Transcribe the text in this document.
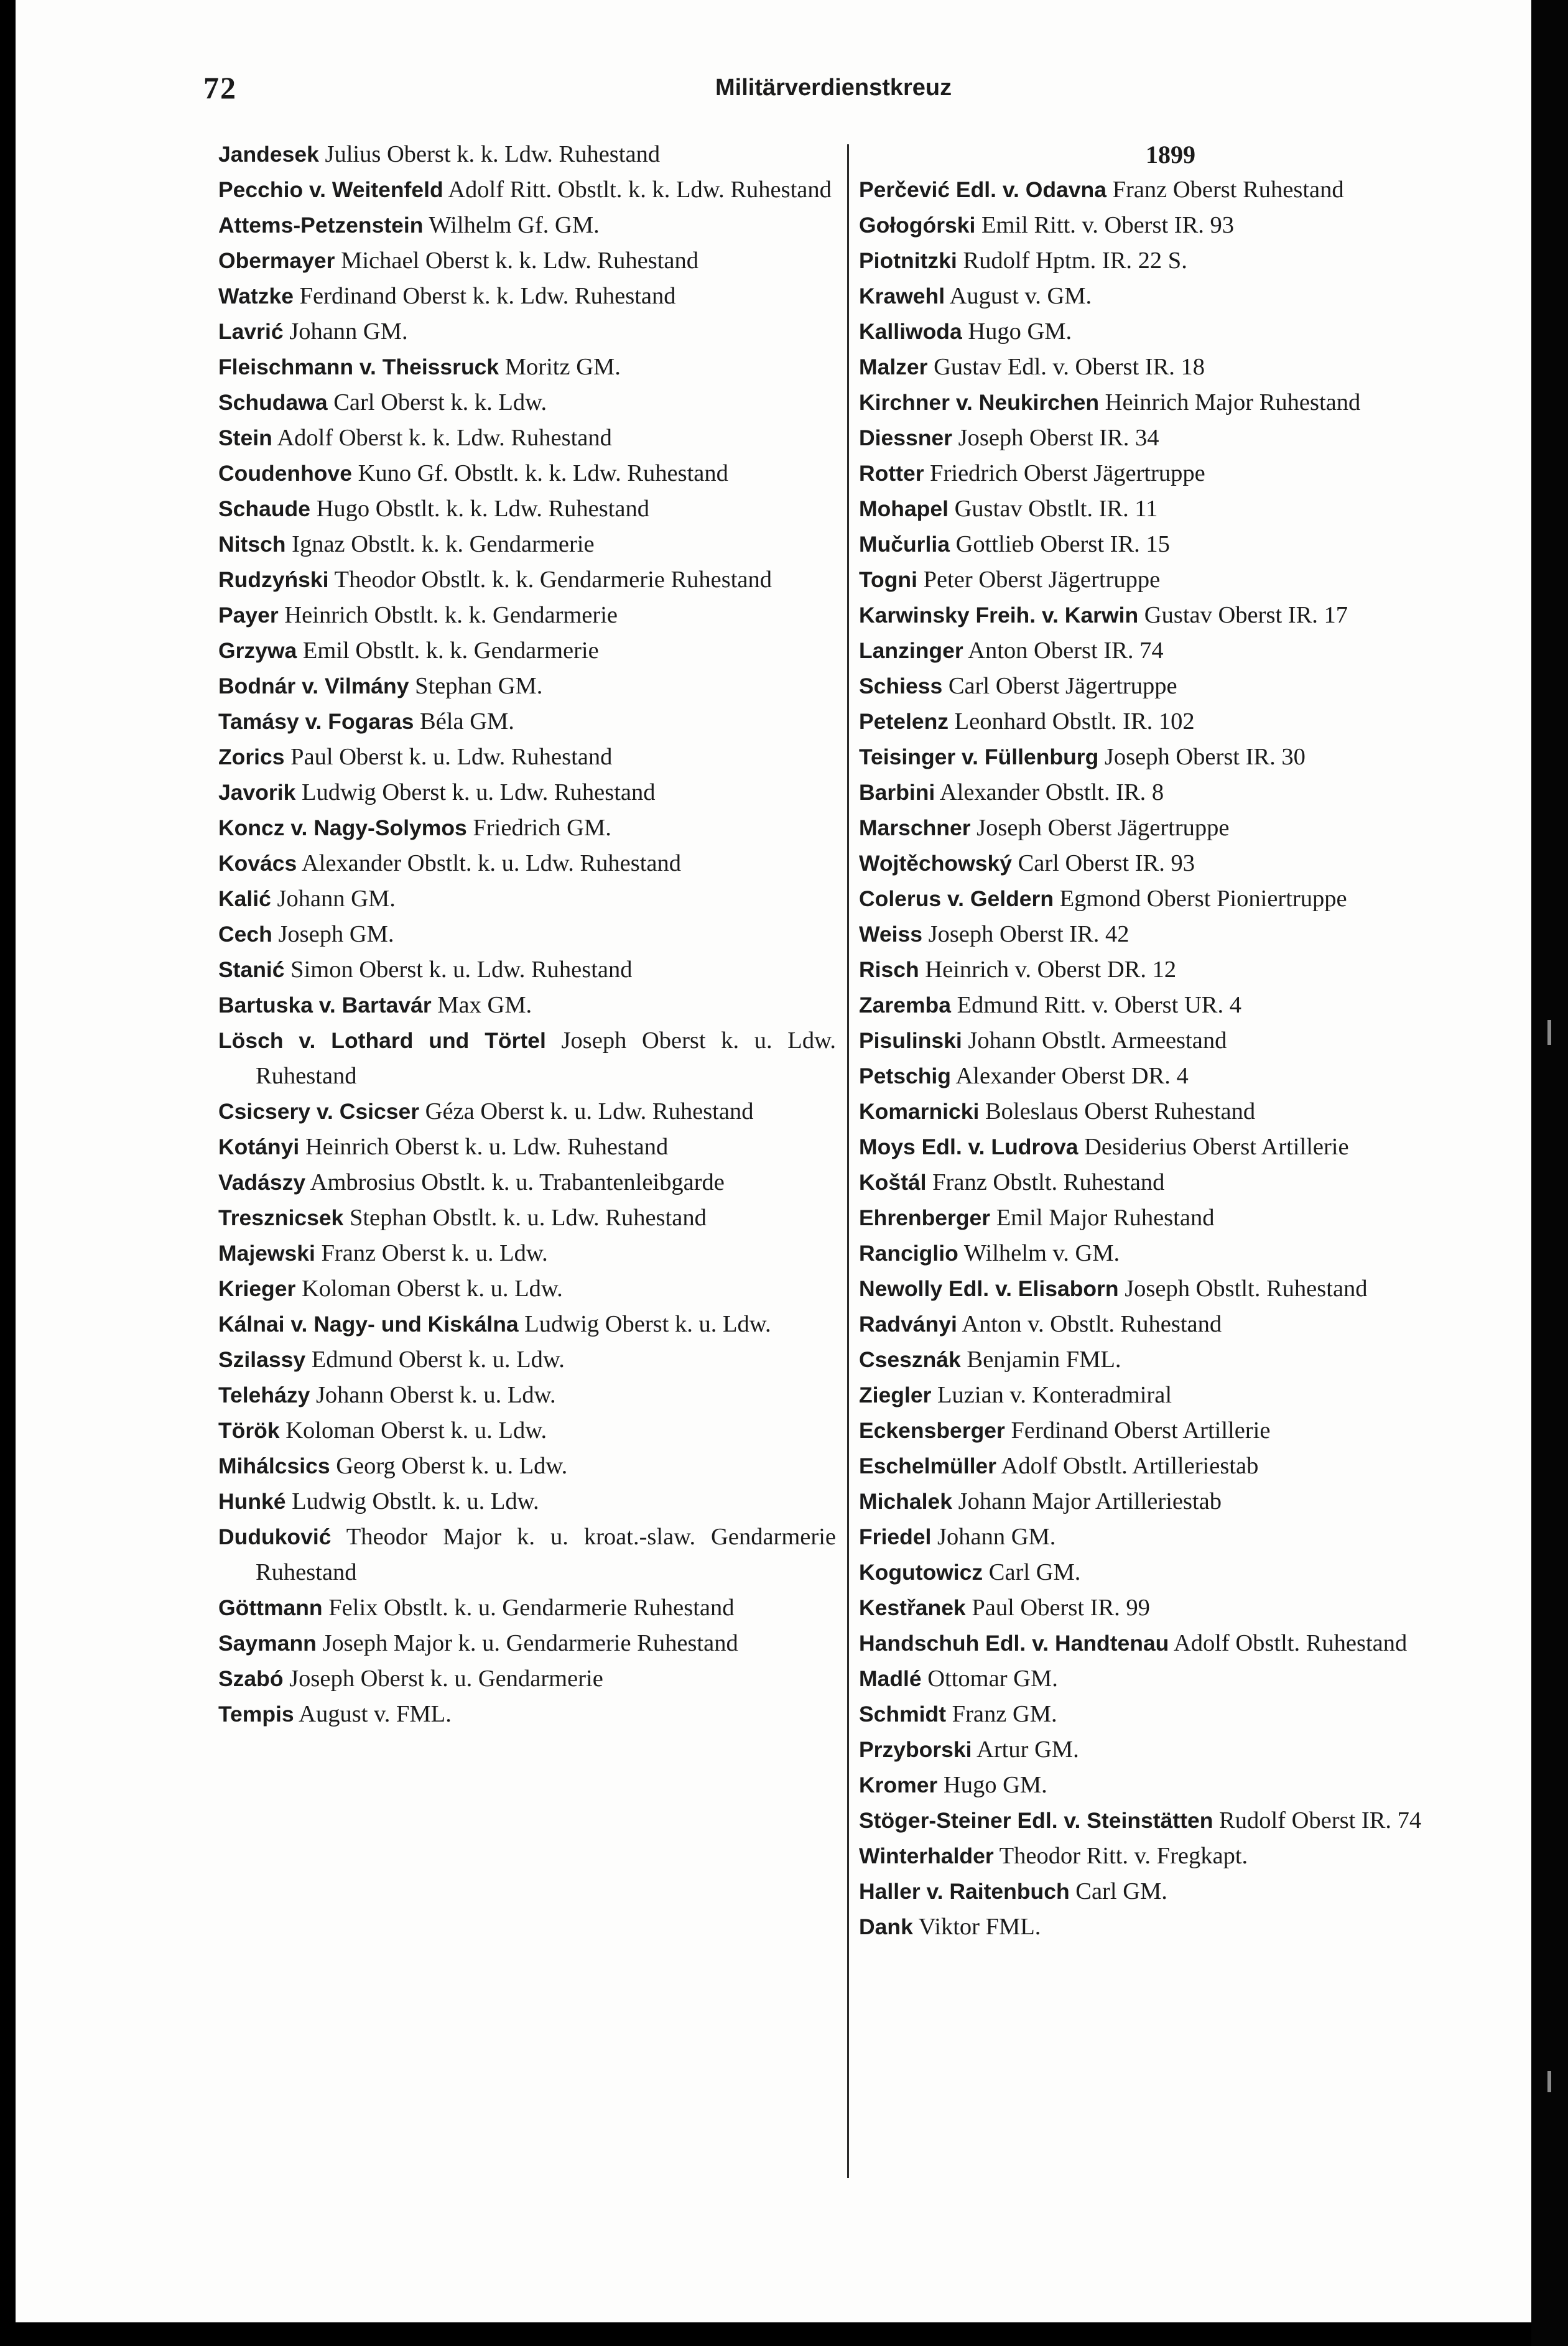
72	Militärverdienstkreuz

Jandesek Julius Oberst k. k. Ldw. Ruhestand

Pecchio v. Weitenfeld Adolf Ritt. Obstlt. k. k. Ldw. Ruhestand

Attems-Petzenstein Wilhelm Gf. GM.

Obermayer Michael Oberst k. k. Ldw. Ruhestand

Watzke Ferdinand Oberst k. k. Ldw. Ruhestand

Lavrić Johann GM.

Fleischmann v. Theissruck Moritz GM.

Schudawa Carl Oberst k. k. Ldw.

Stein Adolf Oberst k. k. Ldw. Ruhestand

Coudenhove Kuno Gf. Obstlt. k. k. Ldw. Ruhestand

Schaude Hugo Obstlt. k. k. Ldw. Ruhestand

Nitsch Ignaz Obstlt. k. k. Gendarmerie

Rudzyński Theodor Obstlt. k. k. Gendarmerie Ruhestand

Payer Heinrich Obstlt. k. k. Gendarmerie

Grzywa Emil Obstlt. k. k. Gendarmerie

Bodnár v. Vilmány Stephan GM.

Tamásy v. Fogaras Béla GM.

Zorics Paul Oberst k. u. Ldw. Ruhestand

Javorik Ludwig Oberst k. u. Ldw. Ruhestand

Koncz v. Nagy-Solymos Friedrich GM.

Kovács Alexander Obstlt. k. u. Ldw. Ruhestand

Kalić Johann GM.

Cech Joseph GM.

Stanić Simon Oberst k. u. Ldw. Ruhestand

Bartuska v. Bartavár Max GM.

Lösch v. Lothard und Törtel Joseph Oberst k. u. Ldw. Ruhestand

Csicsery v. Csicser Géza Oberst k. u. Ldw. Ruhestand

Kotányi Heinrich Oberst k. u. Ldw. Ruhestand

Vadászy Ambrosius Obstlt. k. u. Trabantenleibgarde

Tresznicsek Stephan Obstlt. k. u. Ldw. Ruhestand

Majewski Franz Oberst k. u. Ldw.

Krieger Koloman Oberst k. u. Ldw.

Kálnai v. Nagy- und Kiskálna Ludwig Oberst k. u. Ldw.

Szilassy Edmund Oberst k. u. Ldw.

Teleházy Johann Oberst k. u. Ldw.

Török Koloman Oberst k. u. Ldw.

Mihálcsics Georg Oberst k. u. Ldw.

Hunké Ludwig Obstlt. k. u. Ldw.

Duduković Theodor Major k. u. kroat.-slaw. Gendarmerie Ruhestand

Göttmann Felix Obstlt. k. u. Gendarmerie Ruhestand

Saymann Joseph Major k. u. Gendarmerie Ruhestand

Szabó Joseph Oberst k. u. Gendarmerie

Tempis August v. FML.

1899

Perčević Edl. v. Odavna Franz Oberst Ruhestand

Gołogórski Emil Ritt. v. Oberst IR. 93

Piotnitzki Rudolf Hptm. IR. 22 S.

Krawehl August v. GM.

Kalliwoda Hugo GM.

Malzer Gustav Edl. v. Oberst IR. 18

Kirchner v. Neukirchen Heinrich Major Ruhestand

Diessner Joseph Oberst IR. 34

Rotter Friedrich Oberst Jägertruppe

Mohapel Gustav Obstlt. IR. 11

Mučurlia Gottlieb Oberst IR. 15

Togni Peter Oberst Jägertruppe

Karwinsky Freih. v. Karwin Gustav Oberst IR. 17

Lanzinger Anton Oberst IR. 74

Schiess Carl Oberst Jägertruppe

Petelenz Leonhard Obstlt. IR. 102

Teisinger v. Füllenburg Joseph Oberst IR. 30

Barbini Alexander Obstlt. IR. 8

Marschner Joseph Oberst Jägertruppe

Wojtěchowský Carl Oberst IR. 93

Colerus v. Geldern Egmond Oberst Pioniertruppe

Weiss Joseph Oberst IR. 42

Risch Heinrich v. Oberst DR. 12

Zaremba Edmund Ritt. v. Oberst UR. 4

Pisulinski Johann Obstlt. Armeestand

Petschig Alexander Oberst DR. 4

Komarnicki Boleslaus Oberst Ruhestand

Moys Edl. v. Ludrova Desiderius Oberst Artillerie

Koštál Franz Obstlt. Ruhestand

Ehrenberger Emil Major Ruhestand

Ranciglio Wilhelm v. GM.

Newolly Edl. v. Elisaborn Joseph Obstlt. Ruhestand

Radványi Anton v. Obstlt. Ruhestand

Csesznák Benjamin FML.

Ziegler Luzian v. Konteradmiral

Eckensberger Ferdinand Oberst Artillerie

Eschelmüller Adolf Obstlt. Artilleriestab

Michalek Johann Major Artilleriestab

Friedel Johann GM.

Kogutowicz Carl GM.

Kestřanek Paul Oberst IR. 99

Handschuh Edl. v. Handtenau Adolf Obstlt. Ruhestand

Madlé Ottomar GM.

Schmidt Franz GM.

Przyborski Artur GM.

Kromer Hugo GM.

Stöger-Steiner Edl. v. Steinstätten Rudolf Oberst IR. 74

Winterhalder Theodor Ritt. v. Fregkapt.

Haller v. Raitenbuch Carl GM.

Dank Viktor FML.
